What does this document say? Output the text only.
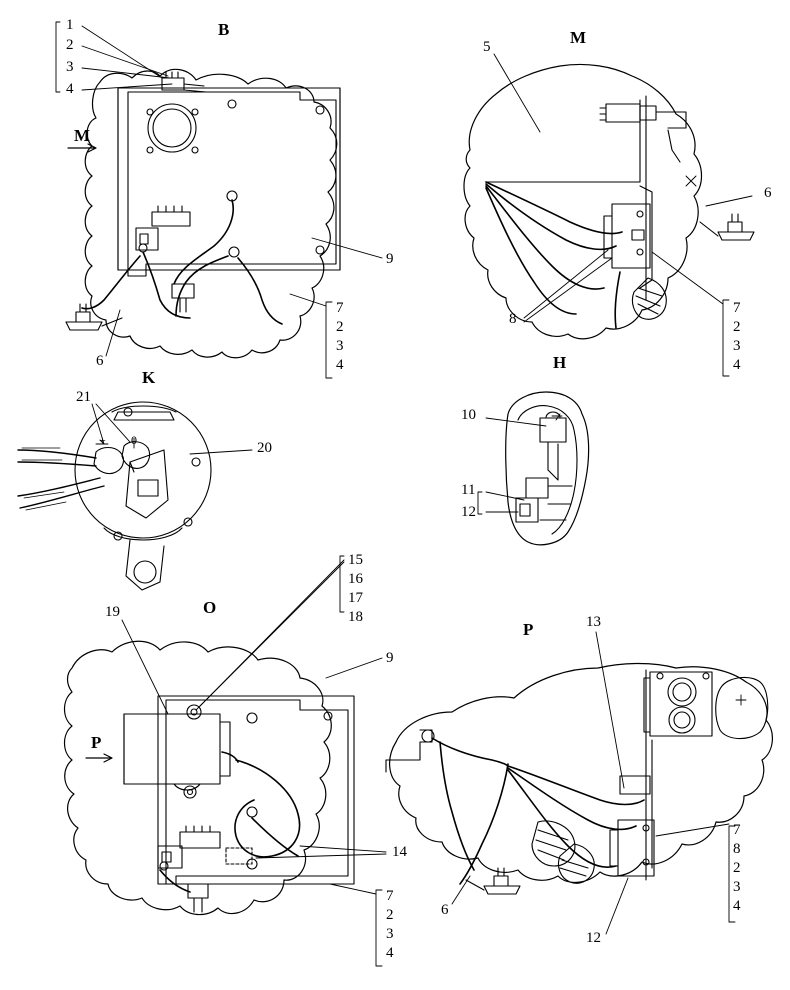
+ 0
B	M
M
K
H
O
P
P
1
2
3
4
9
6
5
6
8
21
20
10
11
12
19
9
14
13
6
12
7
2
3
4
7
2
3
4
15
16
17
18
7
2
3
4
7
8
2
3
4
